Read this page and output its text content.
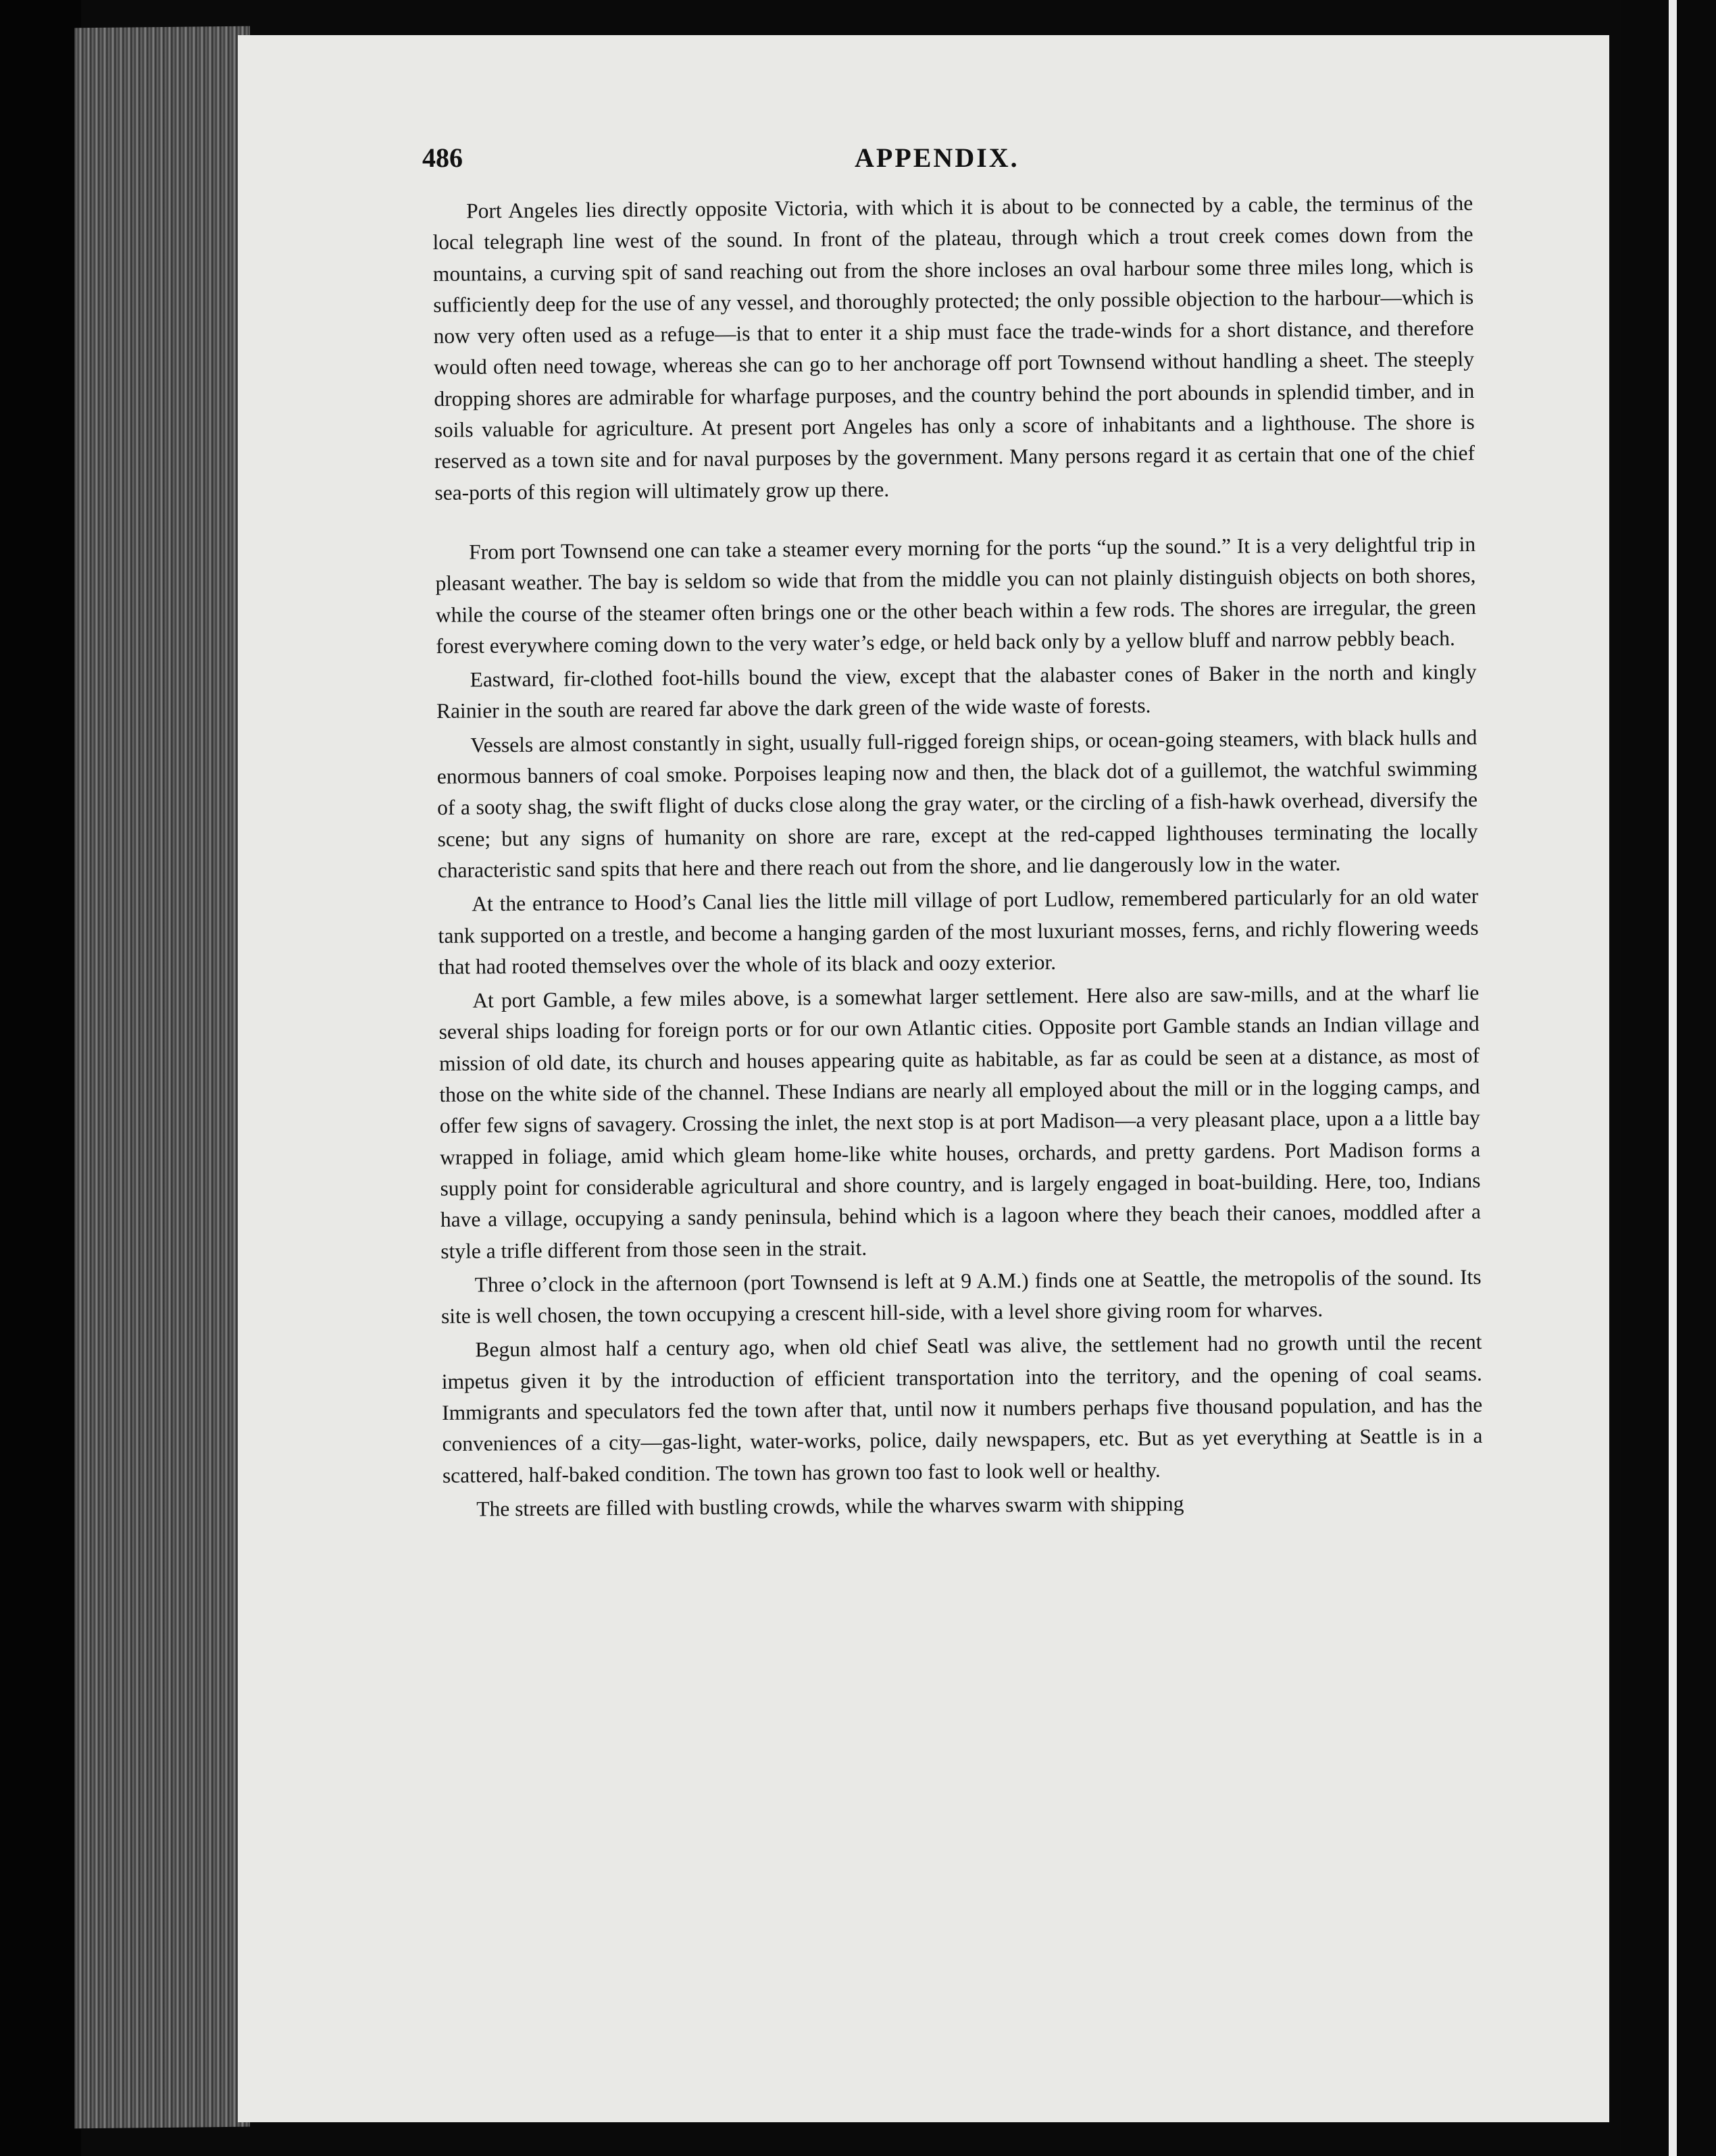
486	APPENDIX.

Port Angeles lies directly opposite Victoria, with which it is about to be connected by a cable, the terminus of the local telegraph line west of the sound. In front of the plateau, through which a trout creek comes down from the mountains, a curving spit of sand reaching out from the shore incloses an oval harbour some three miles long, which is sufficiently deep for the use of any vessel, and thoroughly protected; the only possible objection to the harbour—which is now very often used as a refuge—is that to enter it a ship must face the trade-winds for a short distance, and therefore would often need towage, whereas she can go to her anchorage off port Townsend without handling a sheet. The steeply dropping shores are admirable for wharfage purposes, and the country behind the port abounds in splendid timber, and in soils valuable for agriculture. At present port Angeles has only a score of inhabitants and a lighthouse. The shore is reserved as a town site and for naval purposes by the government. Many persons regard it as certain that one of the chief sea-ports of this region will ultimately grow up there.

From port Townsend one can take a steamer every morning for the ports “up the sound.” It is a very delightful trip in pleasant weather. The bay is seldom so wide that from the middle you can not plainly distinguish objects on both shores, while the course of the steamer often brings one or the other beach within a few rods. The shores are irregular, the green forest everywhere coming down to the very water’s edge, or held back only by a yellow bluff and narrow pebbly beach.

Eastward, fir-clothed foot-hills bound the view, except that the alabaster cones of Baker in the north and kingly Rainier in the south are reared far above the dark green of the wide waste of forests.

Vessels are almost constantly in sight, usually full-rigged foreign ships, or ocean-going steamers, with black hulls and enormous banners of coal smoke. Porpoises leaping now and then, the black dot of a guillemot, the watchful swimming of a sooty shag, the swift flight of ducks close along the gray water, or the circling of a fish-hawk overhead, diversify the scene; but any signs of humanity on shore are rare, except at the red-capped lighthouses terminating the locally characteristic sand spits that here and there reach out from the shore, and lie dangerously low in the water.

At the entrance to Hood’s Canal lies the little mill village of port Ludlow, remembered particularly for an old water tank supported on a trestle, and become a hanging garden of the most luxuriant mosses, ferns, and richly flowering weeds that had rooted themselves over the whole of its black and oozy exterior.

At port Gamble, a few miles above, is a somewhat larger settlement. Here also are saw-mills, and at the wharf lie several ships loading for foreign ports or for our own Atlantic cities. Opposite port Gamble stands an Indian village and mission of old date, its church and houses appearing quite as habitable, as far as could be seen at a distance, as most of those on the white side of the channel. These Indians are nearly all employed about the mill or in the logging camps, and offer few signs of savagery. Crossing the inlet, the next stop is at port Madison—a very pleasant place, upon a a little bay wrapped in foliage, amid which gleam home-like white houses, orchards, and pretty gardens. Port Madison forms a supply point for considerable agricultural and shore country, and is largely engaged in boat-building. Here, too, Indians have a village, occupying a sandy peninsula, behind which is a lagoon where they beach their canoes, moddled after a style a trifle different from those seen in the strait.

Three o’clock in the afternoon (port Townsend is left at 9 A.M.) finds one at Seattle, the metropolis of the sound. Its site is well chosen, the town occupying a crescent hill-side, with a level shore giving room for wharves.

Begun almost half a century ago, when old chief Seatl was alive, the settlement had no growth until the recent impetus given it by the introduction of efficient transportation into the territory, and the opening of coal seams. Immigrants and speculators fed the town after that, until now it numbers perhaps five thousand population, and has the conveniences of a city—gas-light, water-works, police, daily newspapers, etc. But as yet everything at Seattle is in a scattered, half-baked condition. The town has grown too fast to look well or healthy.

The streets are filled with bustling crowds, while the wharves swarm with shipping
